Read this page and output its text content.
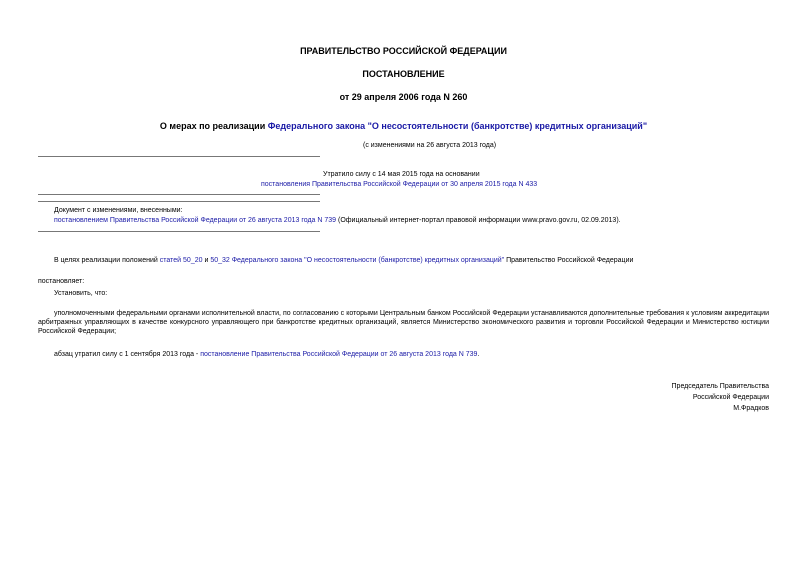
ПРАВИТЕЛЬСТВО РОССИЙСКОЙ ФЕДЕРАЦИИ
ПОСТАНОВЛЕНИЕ
от 29 апреля 2006 года N 260
О мерах по реализации Федерального закона "О несостоятельности (банкротстве) кредитных организаций"
(с изменениями на 26 августа 2013 года)
Утратило силу с 14 мая 2015 года на основании
постановления Правительства Российской Федерации от 30 апреля 2015 года N 433
Документ с изменениями, внесенными:
постановлением Правительства Российской Федерации от 26 августа 2013 года N 739 (Официальный интернет-портал правовой информации www.pravo.gov.ru, 02.09.2013).
В целях реализации положений статей 50_20 и 50_32 Федерального закона "О несостоятельности (банкротстве) кредитных организаций" Правительство Российской Федерации
постановляет:
Установить, что:
уполномоченными федеральными органами исполнительной власти, по согласованию с которыми Центральным банком Российской Федерации устанавливаются дополнительные требования к условиям аккредитации арбитражных управляющих в качестве конкурсного управляющего при банкротстве кредитных организаций, является Министерство экономического развития и торговли Российской Федерации и Министерство юстиции Российской Федерации;
абзац утратил силу с 1 сентября 2013 года - постановление Правительства Российской Федерации от 26 августа 2013 года N 739.
Председатель Правительства
Российской Федерации
М.Фрадков
